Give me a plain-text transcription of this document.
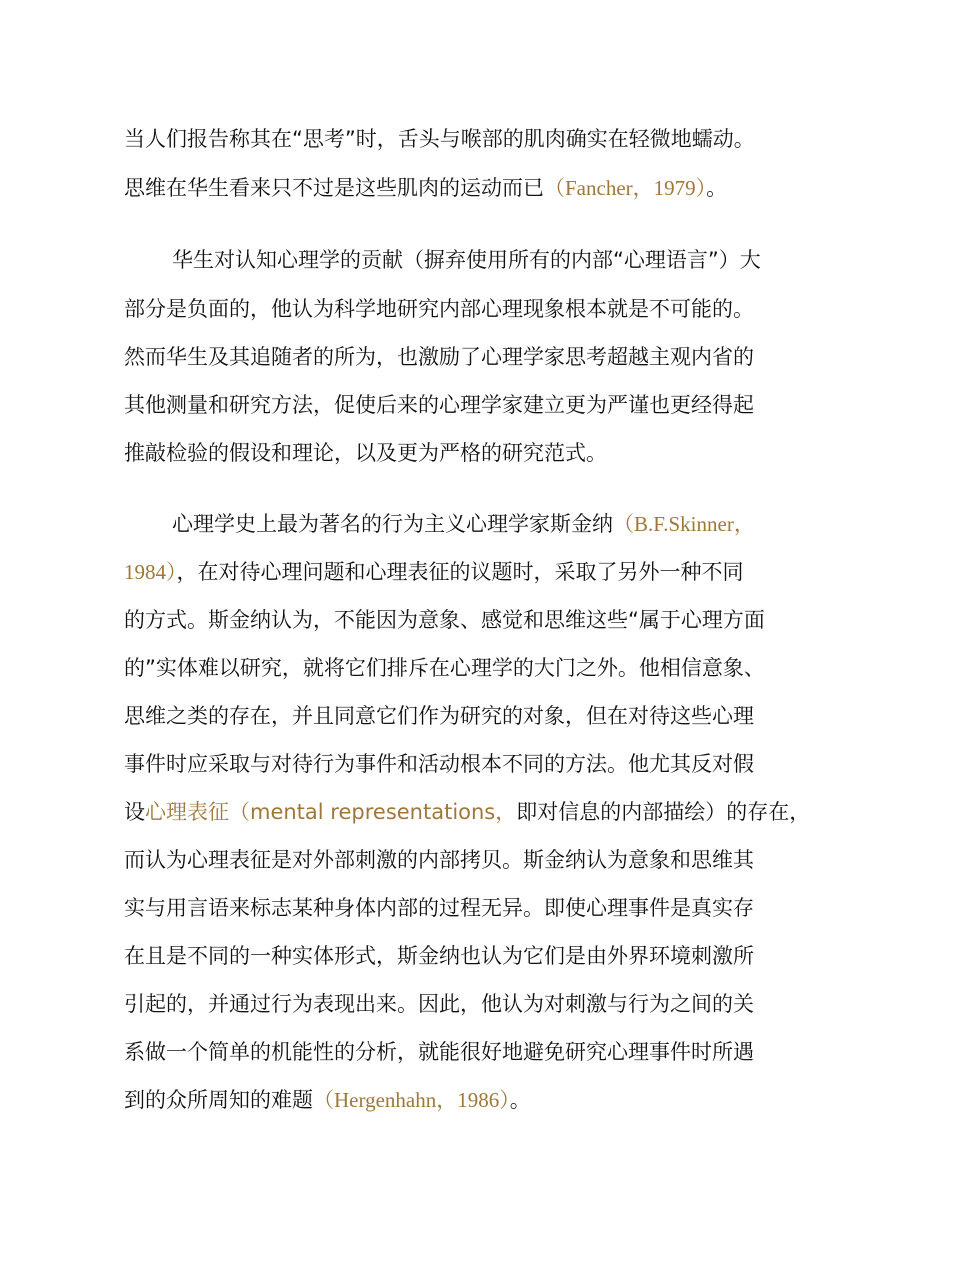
当人们报告称其在“思考”时，舌头与喉部的肌肉确实在轻微地蠕动。
思维在华生看来只不过是这些肌肉的运动而已（Fancher，1979）。
华生对认知心理学的贡献（摒弃使用所有的内部“心理语言”）大
部分是负面的，他认为科学地研究内部心理现象根本就是不可能的。
然而华生及其追随者的所为，也激励了心理学家思考超越主观内省的
其他测量和研究方法，促使后来的心理学家建立更为严谨也更经得起
推敲检验的假设和理论，以及更为严格的研究范式。
心理学史上最为著名的行为主义心理学家斯金纳（B.F.Skinner，
1984），在对待心理问题和心理表征的议题时，采取了另外一种不同
的方式。斯金纳认为，不能因为意象、感觉和思维这些“属于心理方面
的”实体难以研究，就将它们排斥在心理学的大门之外。他相信意象、
思维之类的存在，并且同意它们作为研究的对象，但在对待这些心理
事件时应采取与对待行为事件和活动根本不同的方法。他尤其反对假
设心理表征（mental representations，即对信息的内部描绘）的存在，
而认为心理表征是对外部刺激的内部拷贝。斯金纳认为意象和思维其
实与用言语来标志某种身体内部的过程无异。即使心理事件是真实存
在且是不同的一种实体形式，斯金纳也认为它们是由外界环境刺激所
引起的，并通过行为表现出来。因此，他认为对刺激与行为之间的关
系做一个简单的机能性的分析，就能很好地避免研究心理事件时所遇
到的众所周知的难题（Hergenhahn，1986）。
